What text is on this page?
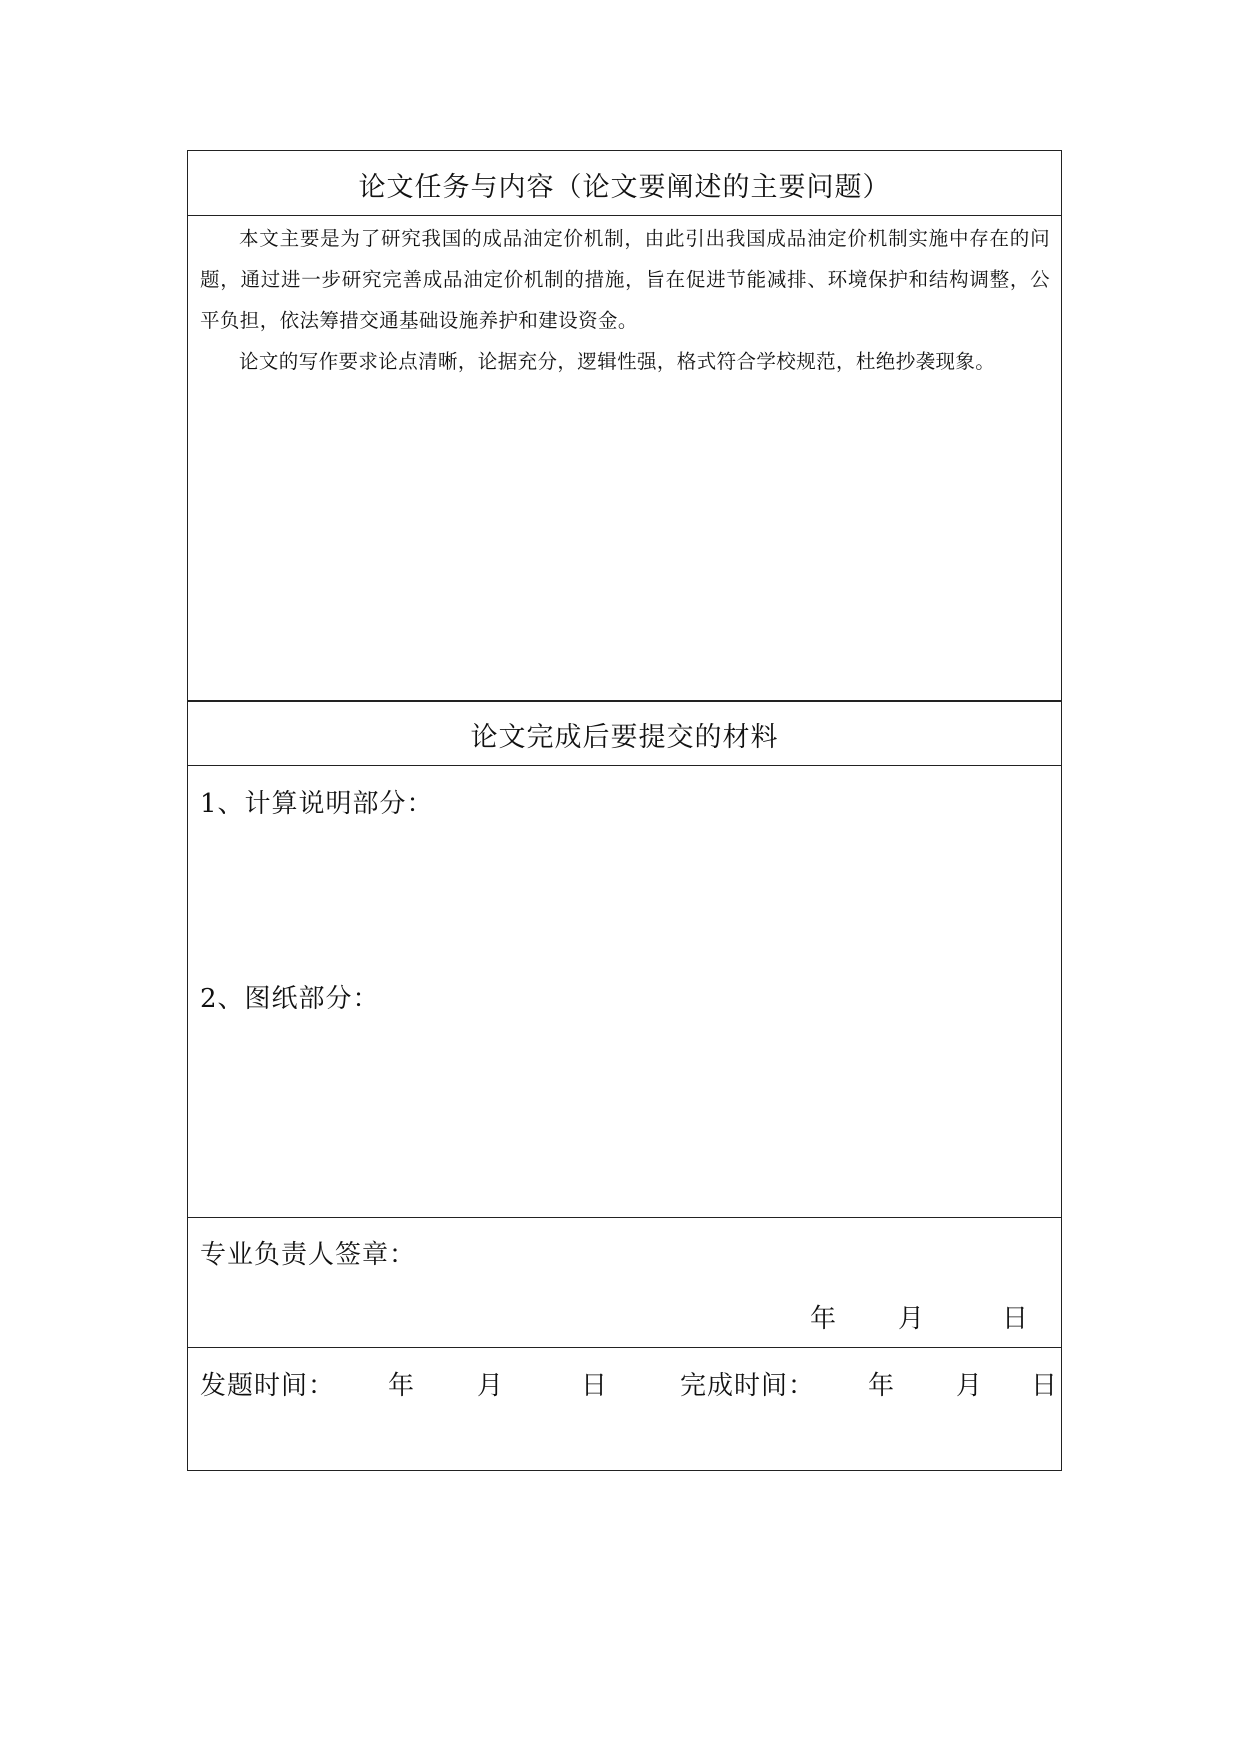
论文任务与内容（论文要阐述的主要问题）
本文主要是为了研究我国的成品油定价机制，由此引出我国成品油定价机制实施中存在的问题，通过进一步研究完善成品油定价机制的措施，旨在促进节能减排、环境保护和结构调整，公平负担，依法筹措交通基础设施养护和建设资金。
论文的写作要求论点清晰，论据充分，逻辑性强，格式符合学校规范，杜绝抄袭现象。
论文完成后要提交的材料
1、计算说明部分：
2、图纸部分：
专业负责人签章：
年 月	日
发题时间： 年 月	日	完成时间： 年 月 日
